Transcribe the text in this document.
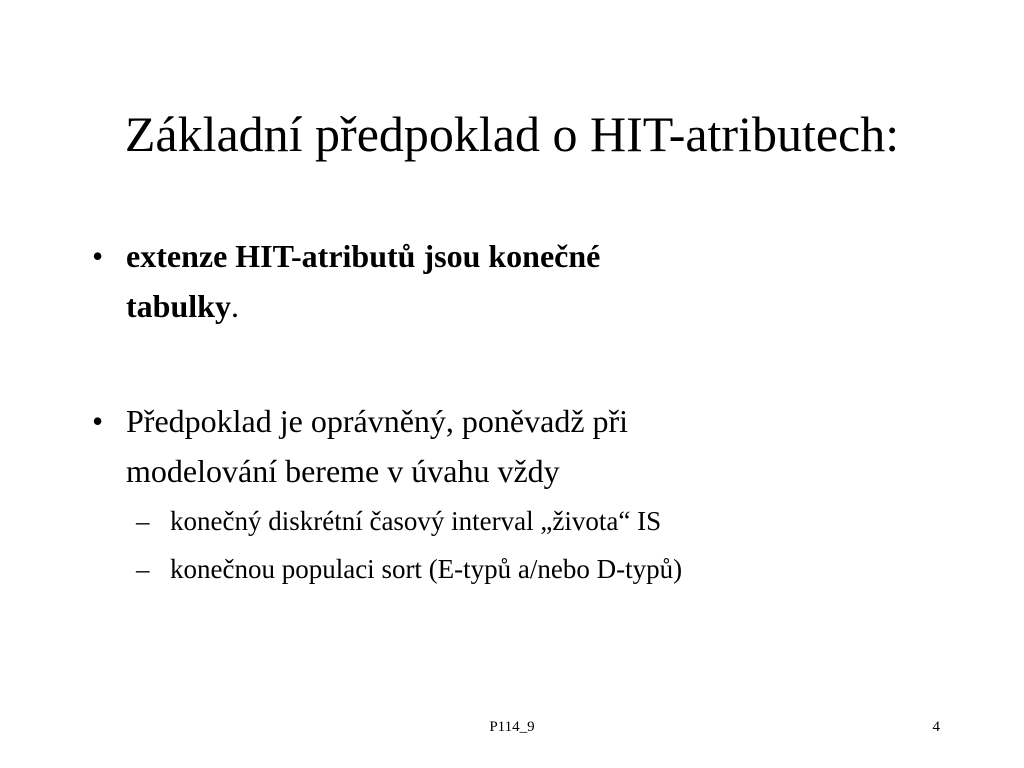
Základní předpoklad o HIT-atributech:
• extenze HIT-atributů jsou konečné
tabulky.
• Předpoklad je oprávněný, poněvadž při
modelování bereme v úvahu vždy
– konečný diskrétní časový interval „života“ IS
– konečnou populaci sort (E-typů a/nebo D-typů)
P114_9	4
